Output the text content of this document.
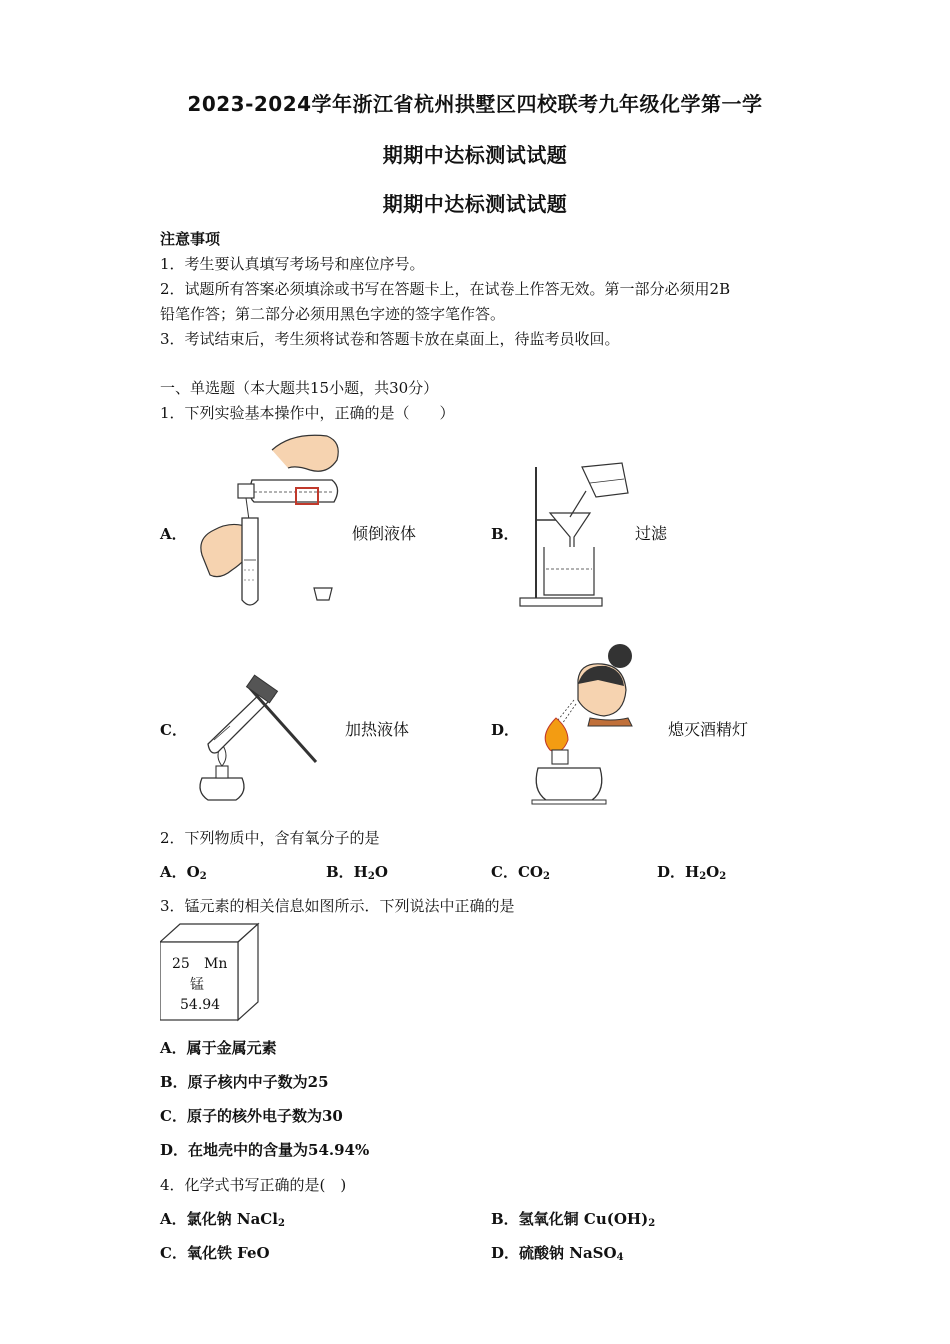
2023-2024学年浙江省杭州拱墅区四校联考九年级化学第一学
期期中达标测试试题
期期中达标测试试题
注意事项
1．考生要认真填写考场号和座位序号。
2．试题所有答案必须填涂或书写在答题卡上，在试卷上作答无效。第一部分必须用2B
铅笔作答；第二部分必须用黑色字迹的签字笔作答。
3．考试结束后，考生须将试卷和答题卡放在桌面上，待监考员收回。
一、单选题（本大题共15小题，共30分）
1．下列实验基本操作中，正确的是（　　）
A．	倾倒液体	B．	过滤
C．	加热液体	D．	熄灭酒精灯
2．下列物质中，含有氧分子的是
A．$O_2$	B．$H_2O$	C．$CO_2$	D．$H_2O_2$
3．锰元素的相关信息如图所示．下列说法中正确的是
25 Mn
锰
54.94
A．属于金属元素
B．原子核内中子数为25
C．原子的核外电子数为30
D．在地壳中的含量为54.94%
4．化学式书写正确的是(　)
A．氯化钠 NaCl$_2$	B．氢氧化铜 $Cu(OH)_2$
C．氧化铁 FeO	D．硫酸钠 NaSO$_4$
